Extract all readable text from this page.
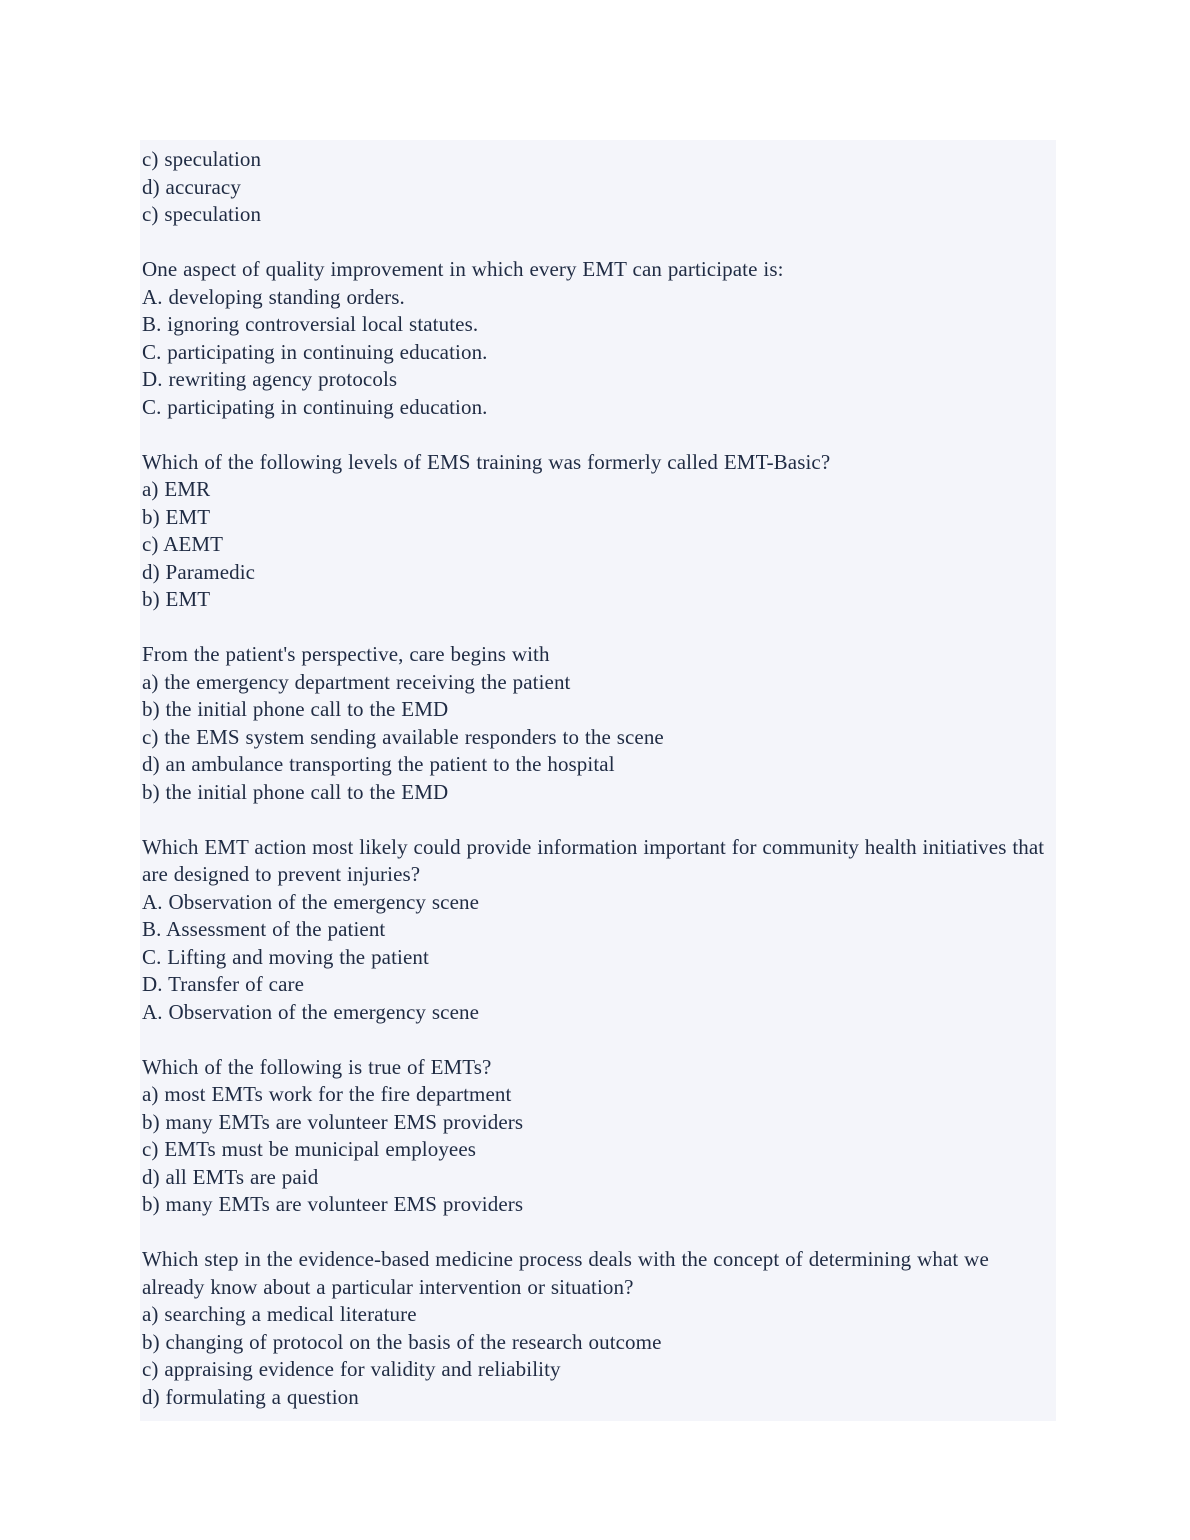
c) speculation
d) accuracy
c) speculation
One aspect of quality improvement in which every EMT can participate is:
A. developing standing orders.
B. ignoring controversial local statutes.
C. participating in continuing education.
D. rewriting agency protocols
C. participating in continuing education.
Which of the following levels of EMS training was formerly called EMT-Basic?
a) EMR
b) EMT
c) AEMT
d) Paramedic
b) EMT
From the patient's perspective, care begins with
a) the emergency department receiving the patient
b) the initial phone call to the EMD
c) the EMS system sending available responders to the scene
d) an ambulance transporting the patient to the hospital
b) the initial phone call to the EMD
Which EMT action most likely could provide information important for community health initiatives that are designed to prevent injuries?
A. Observation of the emergency scene
B. Assessment of the patient
C. Lifting and moving the patient
D. Transfer of care
A. Observation of the emergency scene
Which of the following is true of EMTs?
a) most EMTs work for the fire department
b) many EMTs are volunteer EMS providers
c) EMTs must be municipal employees
d) all EMTs are paid
b) many EMTs are volunteer EMS providers
Which step in the evidence-based medicine process deals with the concept of determining what we already know about a particular intervention or situation?
a) searching a medical literature
b) changing of protocol on the basis of the research outcome
c) appraising evidence for validity and reliability
d) formulating a question
